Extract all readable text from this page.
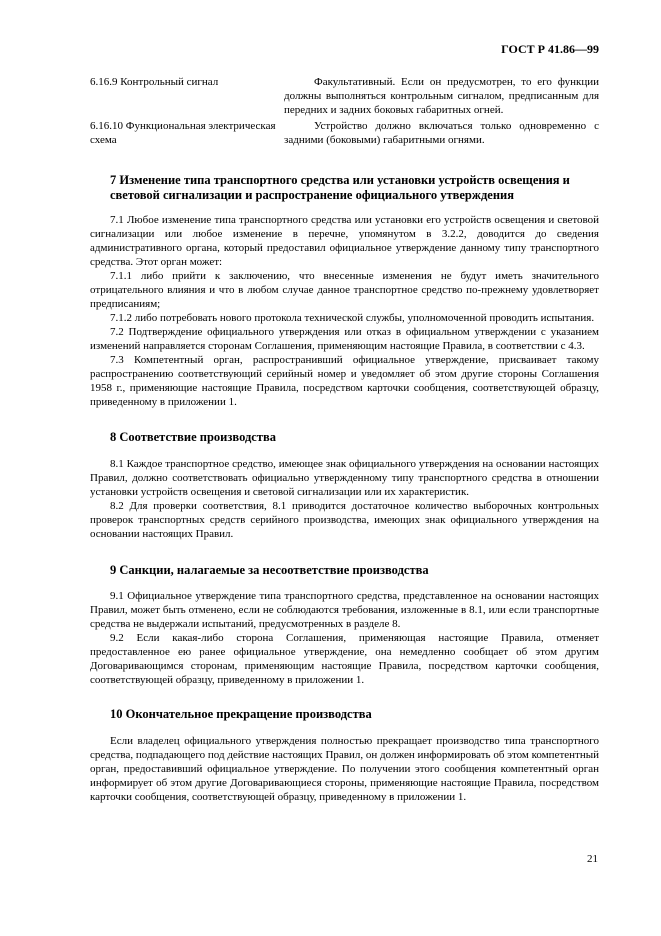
ГОСТ Р 41.86—99
6.16.9 Контрольный сигнал	Факультативный. Если он предусмотрен, то его функции должны выполняться контрольным сигналом, предписанным для передних и задних боковых габаритных огней.
6.16.10 Функциональная электрическая схема
Устройство должно включаться только одновременно с задними (боковыми) габаритными огнями.
7 Изменение типа транспортного средства или установки устройств освещения и световой сигнализации и распространение официального утверждения

7.1 Любое изменение типа транспортного средства или установки его устройств освещения и световой сигнализации или любое изменение в перечне, упомянутом в 3.2.2, доводится до сведения административного органа, который предоставил официальное утверждение данному типу транспортного средства. Этот орган может:

7.1.1 либо прийти к заключению, что внесенные изменения не будут иметь значительного отрицательного влияния и что в любом случае данное транспортное средство по-прежнему удовлетворяет предписаниям;

7.1.2 либо потребовать нового протокола технической службы, уполномоченной проводить испытания.

7.2 Подтверждение официального утверждения или отказ в официальном утверждении с указанием изменений направляется сторонам Соглашения, применяющим настоящие Правила, в соответствии с 4.3.

7.3 Компетентный орган, распространивший официальное утверждение, присваивает такому распространению соответствующий серийный номер и уведомляет об этом другие стороны Соглашения 1958 г., применяющие настоящие Правила, посредством карточки сообщения, соответствующей образцу, приведенному в приложении 1.

8 Соответствие производства

8.1 Каждое транспортное средство, имеющее знак официального утверждения на основании настоящих Правил, должно соответствовать официально утвержденному типу транспортного средства в отношении установки устройств освещения и световой сигнализации или их характеристик.

8.2 Для проверки соответствия, 8.1 приводится достаточное количество выборочных контрольных проверок транспортных средств серийного производства, имеющих знак официального утверждения на основании настоящих Правил.

9 Санкции, налагаемые за несоответствие производства

9.1 Официальное утверждение типа транспортного средства, представленное на основании настоящих Правил, может быть отменено, если не соблюдаются требования, изложенные в 8.1, или если транспортные средства не выдержали испытаний, предусмотренных в разделе 8.

9.2 Если какая-либо сторона Соглашения, применяющая настоящие Правила, отменяет предоставленное ею ранее официальное утверждение, она немедленно сообщает об этом другим Договаривающимся сторонам, применяющим настоящие Правила, посредством карточки сообщения, соответствующей образцу, приведенному в приложении 1.

10 Окончательное прекращение производства

Если владелец официального утверждения полностью прекращает производство типа транспортного средства, подпадающего под действие настоящих Правил, он должен информировать об этом компетентный орган, предоставивший официальное утверждение. По получении этого сообщения компетентный орган информирует об этом другие Договаривающиеся стороны, применяющие настоящие Правила, посредством карточки сообщения, соответствующей образцу, приведенному в приложении 1.

21
